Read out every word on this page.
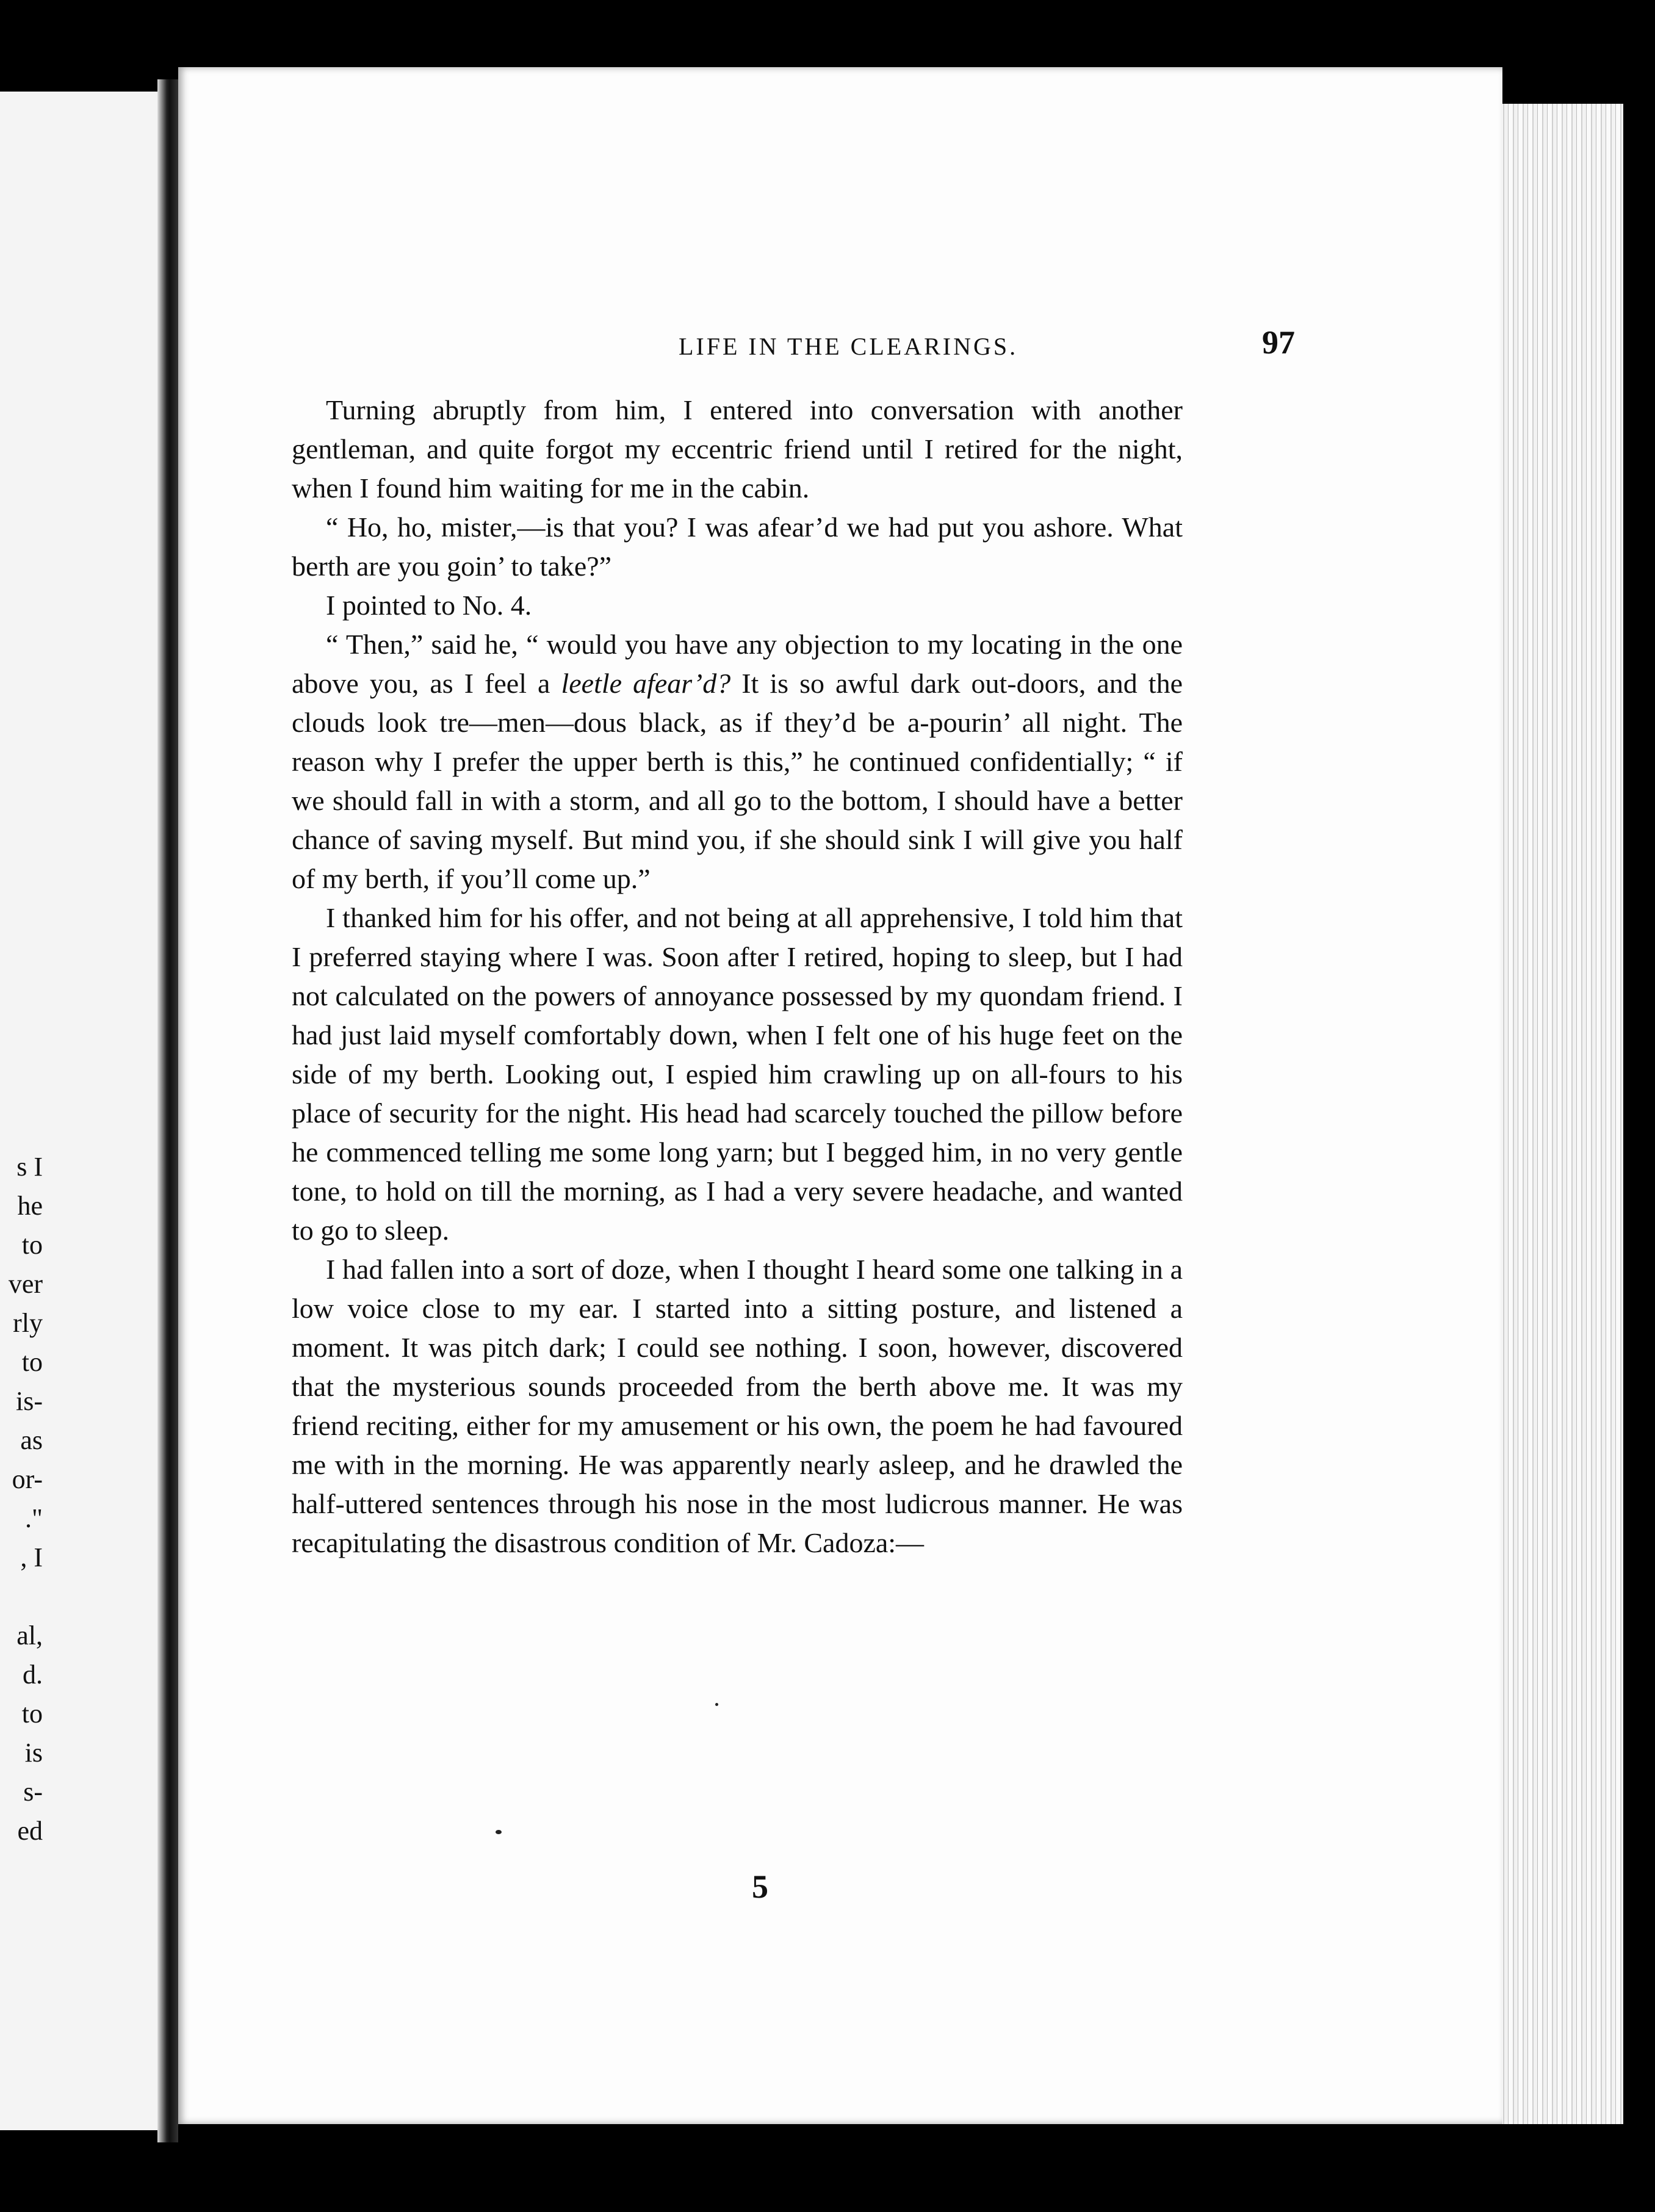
s I
he
to
ver
rly
to
is-
as
or-
."
, I

al,
d.
to
is
s-
ed
LIFE IN THE CLEARINGS.	97

Turning abruptly from him, I entered into conversation with another gentleman, and quite forgot my eccentric friend until I retired for the night, when I found him waiting for me in the cabin.

“ Ho, ho, mister,—is that you? I was afear’d we had put you ashore. What berth are you goin’ to take?”

I pointed to No. 4.

“ Then,” said he, “ would you have any objection to my locating in the one above you, as I feel a leetle afear’d? It is so awful dark out-doors, and the clouds look tre—men—dous black, as if they’d be a-pourin’ all night. The reason why I prefer the upper berth is this,” he continued confidentially; “ if we should fall in with a storm, and all go to the bottom, I should have a better chance of saving myself. But mind you, if she should sink I will give you half of my berth, if you’ll come up.”

I thanked him for his offer, and not being at all apprehensive, I told him that I preferred staying where I was. Soon after I retired, hoping to sleep, but I had not calculated on the powers of annoyance possessed by my quondam friend. I had just laid myself comfortably down, when I felt one of his huge feet on the side of my berth. Looking out, I espied him crawling up on all-fours to his place of security for the night. His head had scarcely touched the pillow before he commenced telling me some long yarn; but I begged him, in no very gentle tone, to hold on till the morning, as I had a very severe headache, and wanted to go to sleep.

I had fallen into a sort of doze, when I thought I heard some one talking in a low voice close to my ear. I started into a sitting posture, and listened a moment. It was pitch dark; I could see nothing. I soon, however, discovered that the mysterious sounds proceeded from the berth above me. It was my friend reciting, either for my amusement or his own, the poem he had favoured me with in the morning. He was apparently nearly asleep, and he drawled the half-uttered sentences through his nose in the most ludicrous manner. He was recapitulating the disastrous condition of Mr. Cadoza:—

5
